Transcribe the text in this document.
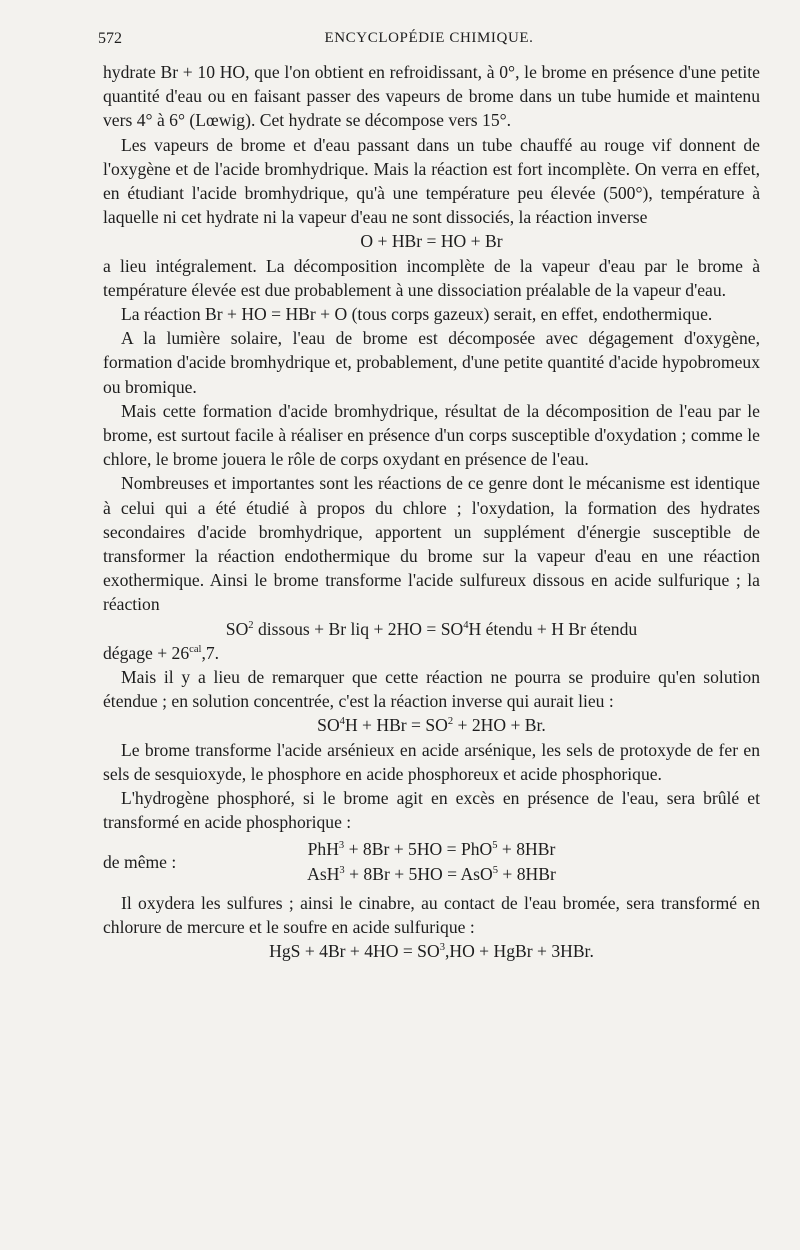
572	ENCYCLOPÉDIE CHIMIQUE.

hydrate Br + 10 HO, que l'on obtient en refroidissant, à 0°, le brome en présence d'une petite quantité d'eau ou en faisant passer des vapeurs de brome dans un tube humide et maintenu vers 4° à 6° (Lœwig). Cet hydrate se décompose vers 15°.

Les vapeurs de brome et d'eau passant dans un tube chauffé au rouge vif donnent de l'oxygène et de l'acide bromhydrique. Mais la réaction est fort incomplète. On verra en effet, en étudiant l'acide bromhydrique, qu'à une température peu élevée (500°), température à laquelle ni cet hydrate ni la vapeur d'eau ne sont dissociés, la réaction inverse

O + HBr = HO + Br

a lieu intégralement. La décomposition incomplète de la vapeur d'eau par le brome à température élevée est due probablement à une dissociation préalable de la vapeur d'eau.

La réaction Br + HO = HBr + O (tous corps gazeux) serait, en effet, endothermique.

A la lumière solaire, l'eau de brome est décomposée avec dégagement d'oxygène, formation d'acide bromhydrique et, probablement, d'une petite quantité d'acide hypobromeux ou bromique.

Mais cette formation d'acide bromhydrique, résultat de la décomposition de l'eau par le brome, est surtout facile à réaliser en présence d'un corps susceptible d'oxydation ; comme le chlore, le brome jouera le rôle de corps oxydant en présence de l'eau.

Nombreuses et importantes sont les réactions de ce genre dont le mécanisme est identique à celui qui a été étudié à propos du chlore ; l'oxydation, la formation des hydrates secondaires d'acide bromhydrique, apportent un supplément d'énergie susceptible de transformer la réaction endothermique du brome sur la vapeur d'eau en une réaction exothermique. Ainsi le brome transforme l'acide sulfureux dissous en acide sulfurique ; la réaction

$SO^2$ dissous + Br liq + $2HO = SO^4H$ étendu + H Br étendu

dégage + $26^{cal},7$.

Mais il y a lieu de remarquer que cette réaction ne pourra se produire qu'en solution étendue ; en solution concentrée, c'est la réaction inverse qui aurait lieu :

$SO^4H$ + HBr = $SO^2 + 2HO + Br$.

Le brome transforme l'acide arsénieux en acide arsénique, les sels de protoxyde de fer en sels de sesquioxyde, le phosphore en acide phosphoreux et acide phosphorique.

L'hydrogène phosphoré, si le brome agit en excès en présence de l'eau, sera brûlé et transformé en acide phosphorique :

de même :
PhH$^3$ + 8Br + 5HO = PhO$^5$ + 8HBr
AsH$^3$ + 8Br + 5HO = AsO$^5$ + 8HBr

Il oxydera les sulfures ; ainsi le cinabre, au contact de l'eau bromée, sera transformé en chlorure de mercure et le soufre en acide sulfurique :

HgS + $4Br + 4HO = SO^3,HO$ + HgBr + 3HBr.
